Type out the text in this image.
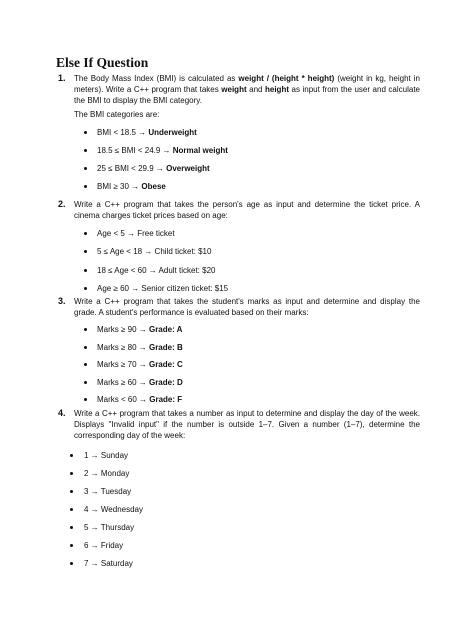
Else If Question
1. The Body Mass Index (BMI) is calculated as weight / (height * height) (weight in kg, height in meters). Write a C++ program that takes weight and height as input from the user and calculate the BMI to display the BMI category.
The BMI categories are:
BMI < 18.5 → Underweight
18.5 ≤ BMI < 24.9 → Normal weight
25 ≤ BMI < 29.9 → Overweight
BMI ≥ 30 → Obese
2. Write a C++ program that takes the person's age as input and determine the ticket price. A cinema charges ticket prices based on age:
Age < 5 → Free ticket
5 ≤ Age < 18 → Child ticket: $10
18 ≤ Age < 60 → Adult ticket: $20
Age ≥ 60 → Senior citizen ticket: $15
3. Write a C++ program that takes the student's marks as input and determine and display the grade. A student's performance is evaluated based on their marks:
Marks ≥ 90 → Grade: A
Marks ≥ 80 → Grade: B
Marks ≥ 70 → Grade: C
Marks ≥ 60 → Grade: D
Marks < 60 → Grade: F
4. Write a C++ program that takes a number as input to determine and display the day of the week. Displays "Invalid input" if the number is outside 1–7. Given a number (1–7), determine the corresponding day of the week:
1 → Sunday
2 → Monday
3 → Tuesday
4 → Wednesday
5 → Thursday
6 → Friday
7 → Saturday
